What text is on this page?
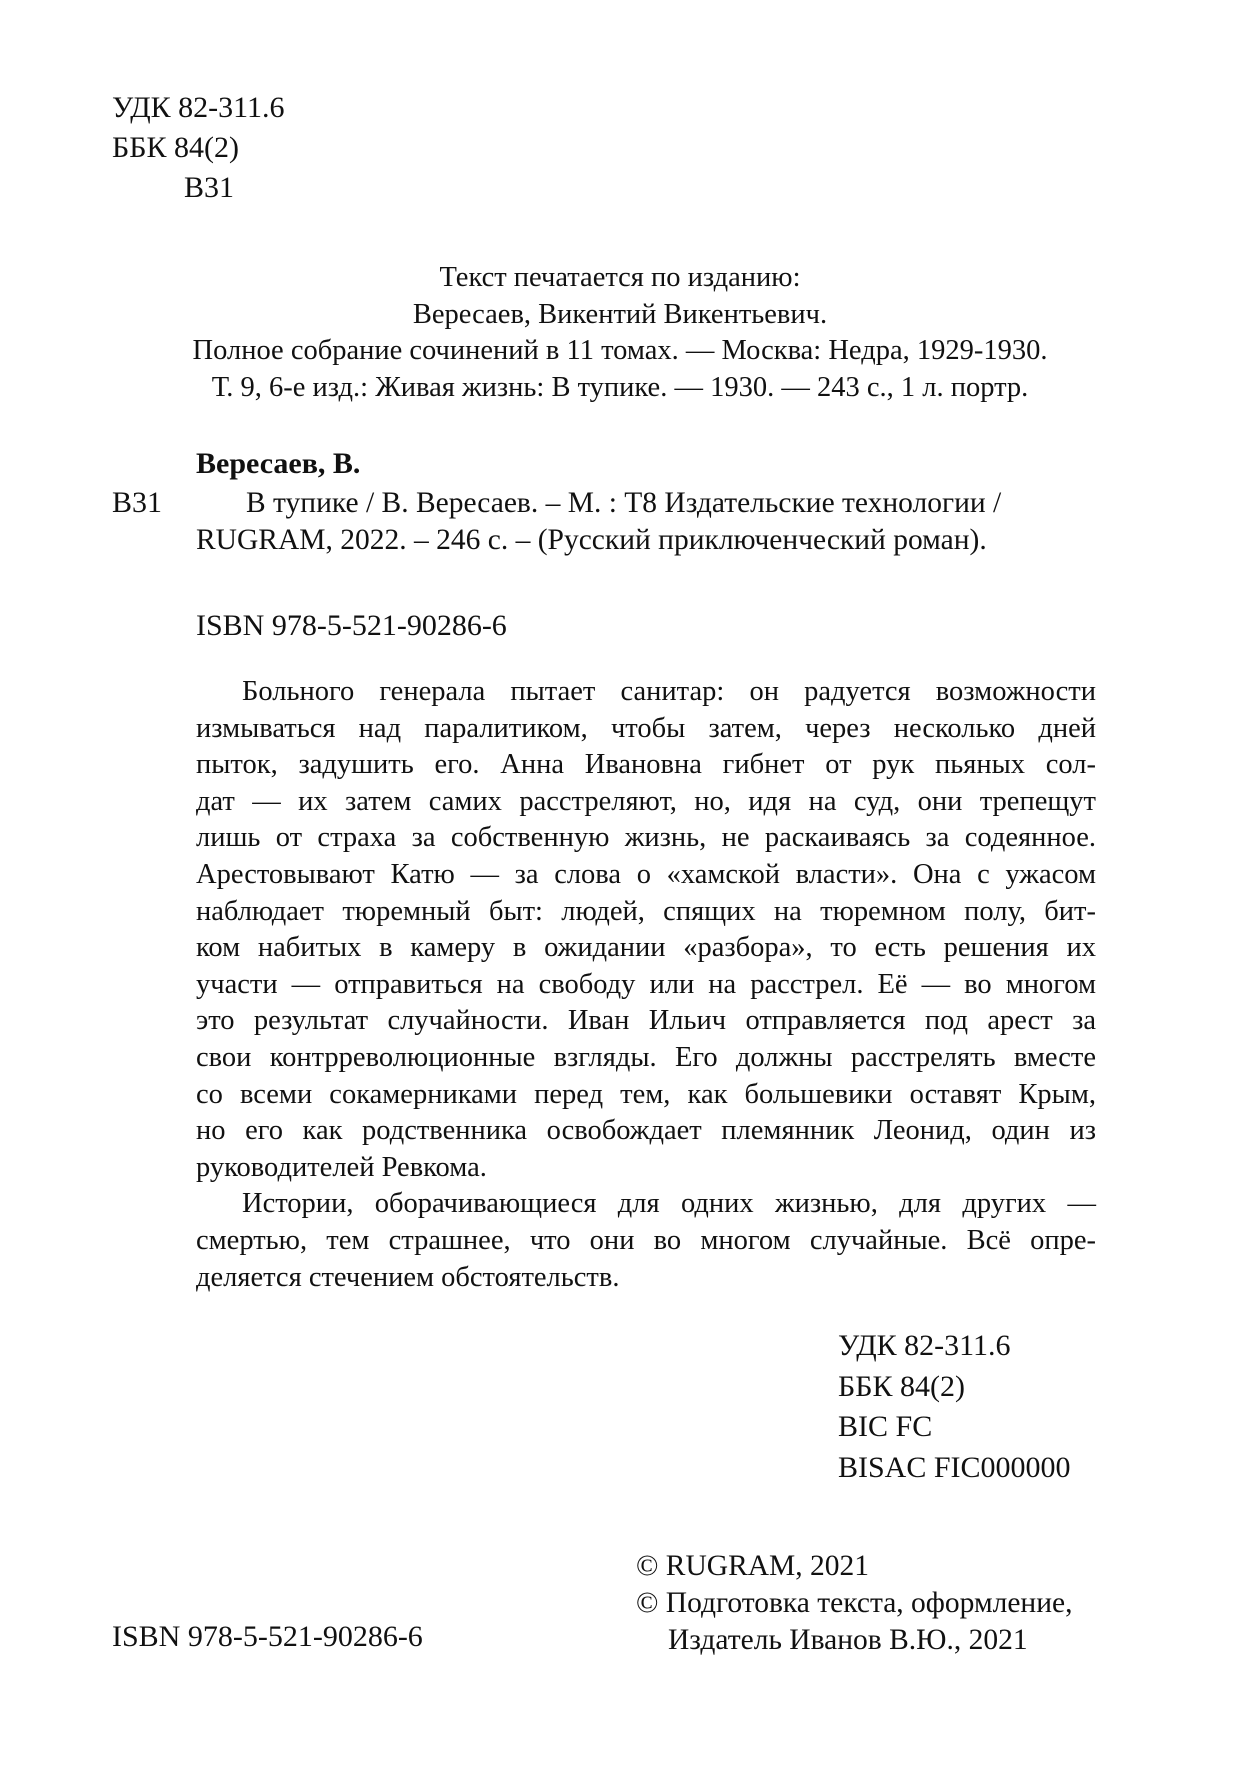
УДК 82-311.6
ББК 84(2)
В31
Текст печатается по изданию:
Вересаев, Викентий Викентьевич.
Полное собрание сочинений в 11 томах. — Москва: Недра, 1929-1930.
Т. 9, 6-е изд.: Живая жизнь: В тупике. — 1930. — 243 с., 1 л. портр.
Вересаев, В.
В31	В тупике / В. Вересаев. – М. : Т8 Издательские технологии /
RUGRAM, 2022. – 246 с. – (Русский приключенческий роман).
ISBN 978-5-521-90286-6
Больного генерала пытает санитар: он радуется возможности
измываться над паралитиком, чтобы затем, через несколько дней
пыток, задушить его. Анна Ивановна гибнет от рук пьяных сол-
дат — их затем самих расстреляют, но, идя на суд, они трепещут
лишь от страха за собственную жизнь, не раскаиваясь за содеянное.
Арестовывают Катю — за слова о «хамской власти». Она с ужасом
наблюдает тюремный быт: людей, спящих на тюремном полу, бит-
ком набитых в камеру в ожидании «разбора», то есть решения их
участи — отправиться на свободу или на расстрел. Её — во многом
это результат случайности. Иван Ильич отправляется под арест за
свои контрреволюционные взгляды. Его должны расстрелять вместе
со всеми сокамерниками перед тем, как большевики оставят Крым,
но его как родственника освобождает племянник Леонид, один из
руководителей Ревкома.
Истории, оборачивающиеся для одних жизнью, для других —
смертью, тем страшнее, что они во многом случайные. Всё опре-
деляется стечением обстоятельств.
УДК 82-311.6
ББК 84(2)
BIC FC
BISAC FIC000000
© RUGRAM, 2021
© Подготовка текста, оформление,
Издатель Иванов В.Ю., 2021
ISBN 978-5-521-90286-6
